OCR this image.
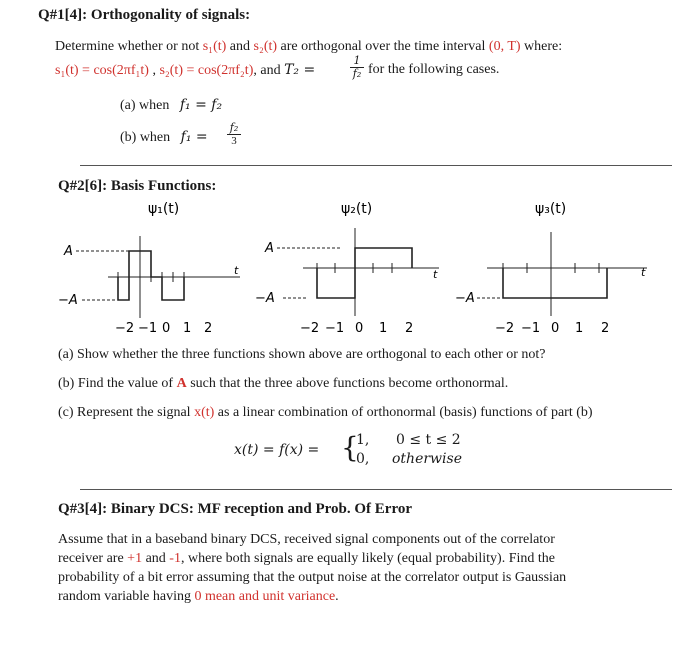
Q#1[4]: Orthogonality of signals:
Determine whether or not s₁(t) and s₂(t) are orthogonal over the time interval (0, T) where:
s₁(t) = cos(2πf₁t) , s₂(t) = cos(2πf₂t), and T₂ =
1
f₂ for the following cases.
(a) when f₁ = f₂
(b) when f₁ =
f₂
3
Q#2[6]: Basis Functions:
ψ₁(t)
A
−A
t
−2 −1 0 1 2
ψ₂(t)
A
−A
t
−2 −1 0 1 2
ψ₃(t)
−A
t
−2 −1 0 1 2
(a) Show whether the three functions shown above are orthogonal to each other or not?
(b) Find the value of A such that the three above functions become orthonormal.
(c) Represent the signal x(t) as a linear combination of orthonormal (basis) functions of part (b)
x(t) = f(x) = {
1, 0 ≤ t ≤ 2
0, otherwise
Q#3[4]: Binary DCS: MF reception and Prob. Of Error
Assume that in a baseband binary DCS, received signal components out of the correlator
receiver are +1 and -1, where both signals are equally likely (equal probability). Find the
probability of a bit error assuming that the output noise at the correlator output is Gaussian
random variable having 0 mean and unit variance.
